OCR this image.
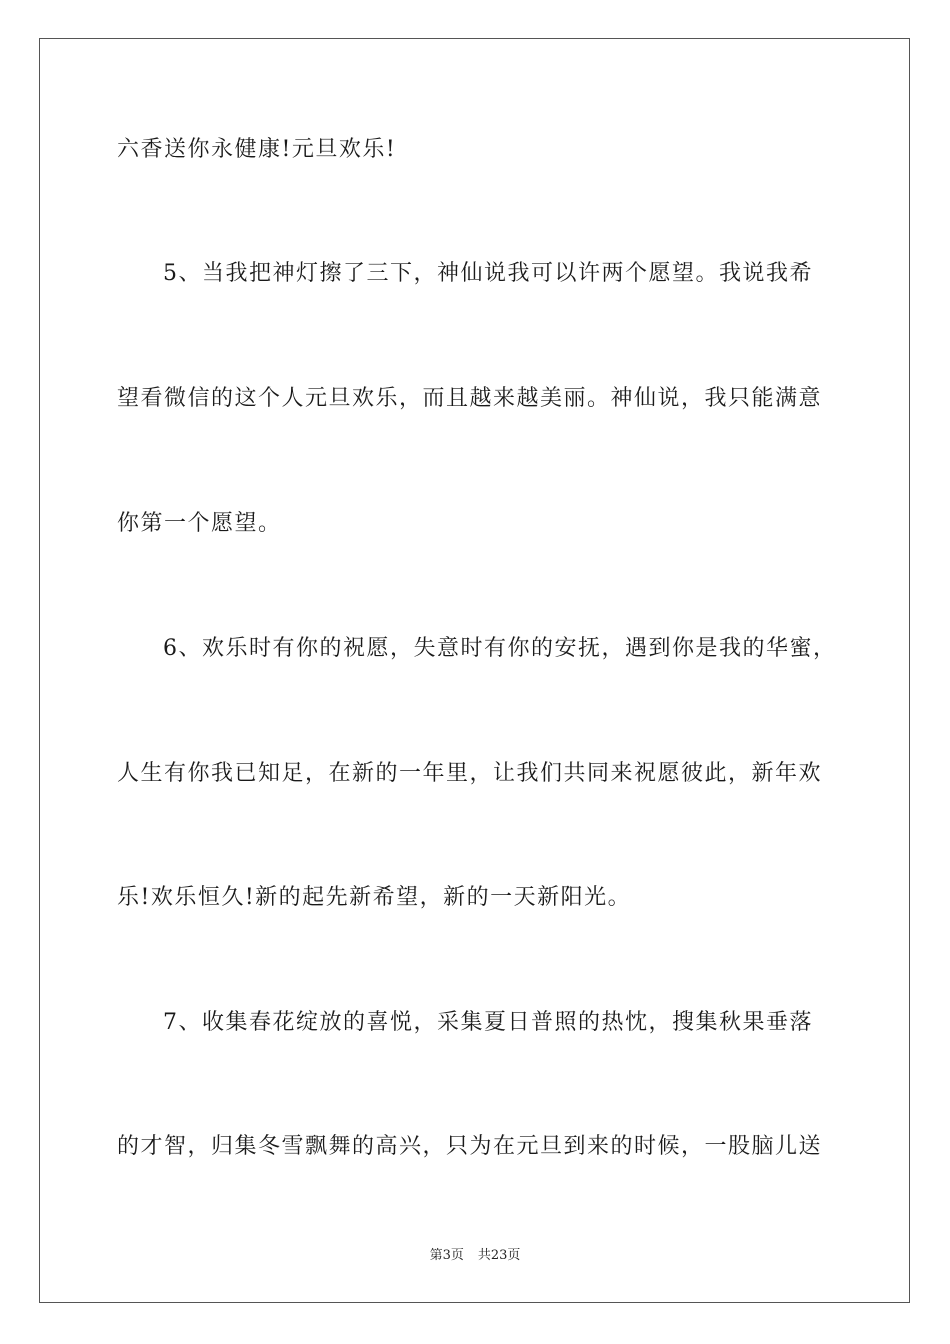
六香送你永健康!元旦欢乐!
5、当我把神灯擦了三下，神仙说我可以许两个愿望。我说我希
望看微信的这个人元旦欢乐，而且越来越美丽。神仙说，我只能满意
你第一个愿望。
6、欢乐时有你的祝愿，失意时有你的安抚，遇到你是我的华蜜，
人生有你我已知足，在新的一年里，让我们共同来祝愿彼此，新年欢
乐!欢乐恒久!新的起先新希望，新的一天新阳光。
7、收集春花绽放的喜悦，采集夏日普照的热忱，搜集秋果垂落
的才智，归集冬雪飘舞的高兴，只为在元旦到来的时候，一股脑儿送
第3页 共23页
